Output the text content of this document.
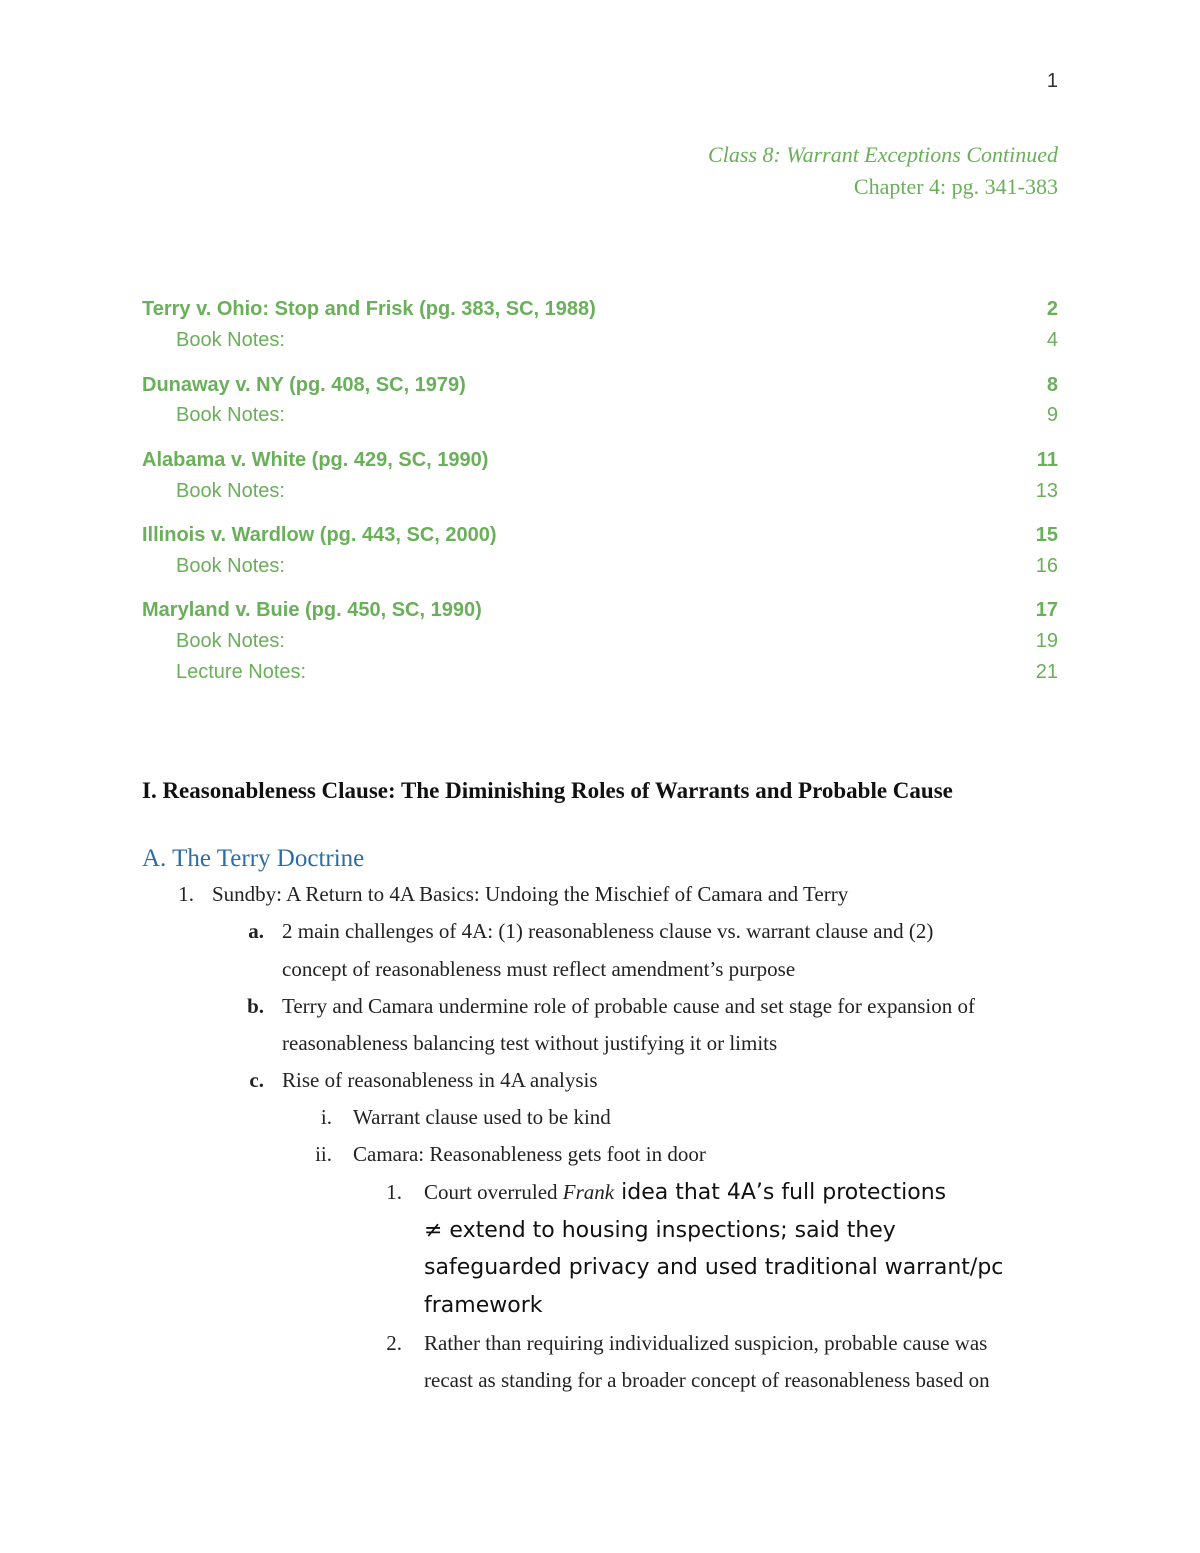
1
Class 8: Warrant Exceptions Continued
Chapter 4: pg. 341-383
Terry v. Ohio: Stop and Frisk (pg. 383, SC, 1988)	2
Book Notes:	4
Dunaway v. NY (pg. 408, SC, 1979)	8
Book Notes:	9
Alabama v. White (pg. 429, SC, 1990)	11
Book Notes:	13
Illinois v. Wardlow (pg. 443, SC, 2000)	15
Book Notes:	16
Maryland v. Buie (pg. 450, SC, 1990)	17
Book Notes:	19
Lecture Notes:	21
I. Reasonableness Clause: The Diminishing Roles of Warrants and Probable Cause
A. The Terry Doctrine
1. Sundby: A Return to 4A Basics: Undoing the Mischief of Camara and Terry
a. 2 main challenges of 4A: (1) reasonableness clause vs. warrant clause and (2)
concept of reasonableness must reflect amendment’s purpose
b. Terry and Camara undermine role of probable cause and set stage for expansion of
reasonableness balancing test without justifying it or limits
c. Rise of reasonableness in 4A analysis
i. Warrant clause used to be kind
ii. Camara: Reasonableness gets foot in door
1. Court overruled Frank idea that 4A’s full protections
≠ extend to housing inspections; said they
safeguarded privacy and used traditional warrant/pc
framework
2. Rather than requiring individualized suspicion, probable cause was
recast as standing for a broader concept of reasonableness based on
